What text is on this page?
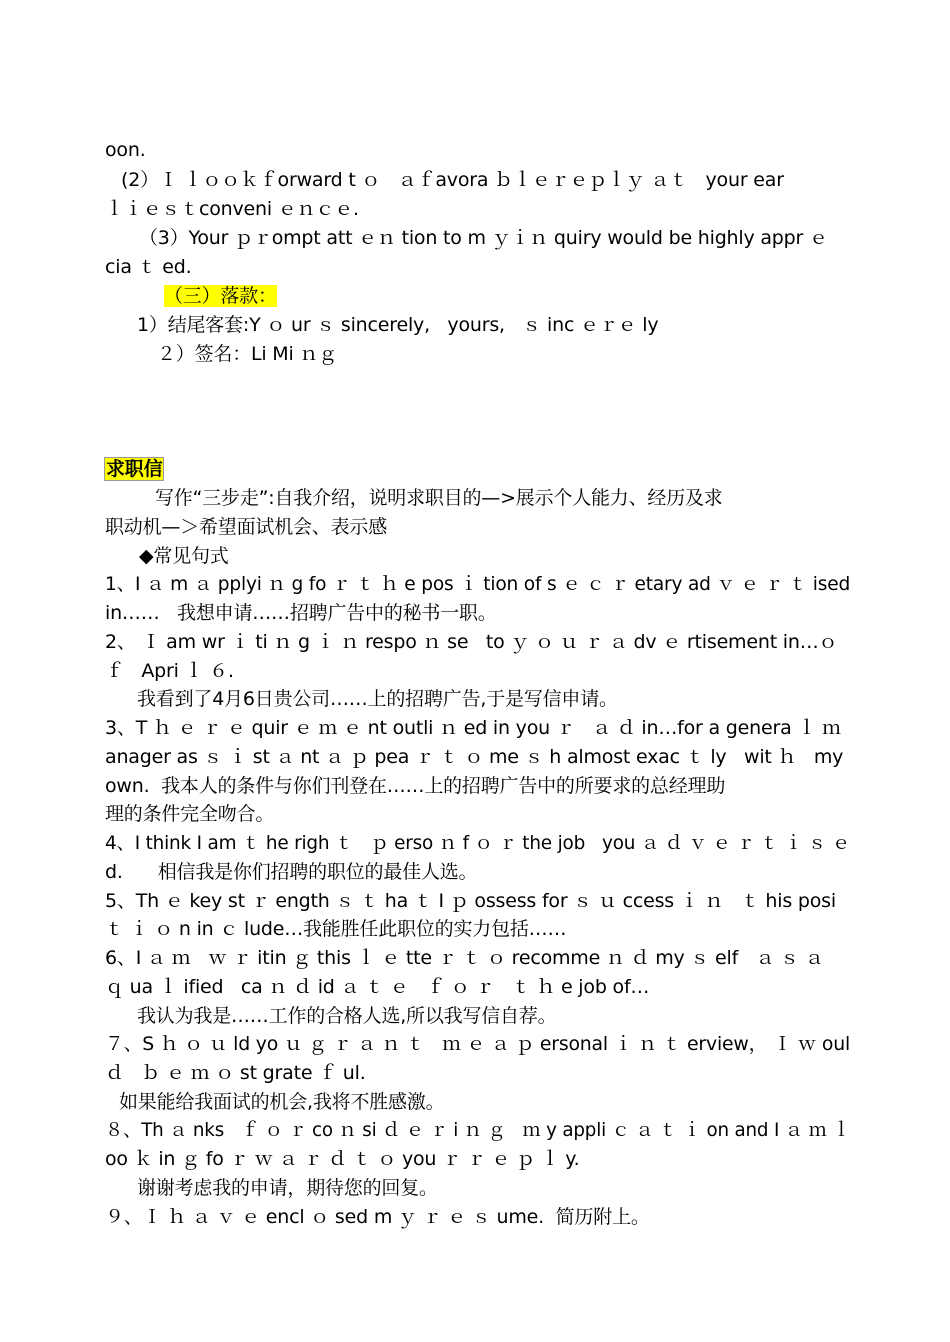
oon.
(2）Ｉ ｌｏｏｋｆorward t ｏ   ａｆavora ｂｌｅｒｅｐｌｙ ａｔ   your ear
ｌｉｅｓｔconveni ｅｎｃｅ.
（3）Your ｐｒompt att ｅｎ tion to m ｙｉｎ quiry would be highly appr ｅ
cia ｔ ed.
（三）落款：
1）结尾客套:Y ｏ ur ｓ sincerely,   yours,   ｓ inc ｅｒｅ ly
２）签名：Li Mi ｎｇ
求职信
写作“三步走”:自我介绍，说明求职目的—>展示个人能力、经历及求
职动机—＞希望面试机会、表示感
◆常见句式
1、I ａ m ａ pplyi ｎ g fo ｒ ｔ ｈ e pos ｉ tion of s ｅ ｃ ｒ etary ad ｖ ｅ ｒ ｔ ised
in……   我想申请……招聘广告中的秘书一职。
2、 Ｉ am wr ｉ ti ｎ g ｉ ｎ respo ｎ se   to ｙ ｏ ｕ ｒ ａ dv ｅ rtisement in…ｏ
ｆ   Apri ｌ ６.
我看到了4月6日贵公司……上的招聘广告,于是写信申请。
3、T ｈ ｅ ｒ ｅ quir ｅ ｍ ｅ nt outli ｎ ed in you ｒ   ａ ｄ in…for a genera ｌ ｍ
anager as ｓ ｉ st ａ nt ａ ｐ pea ｒ ｔ ｏ me ｓ h almost exac ｔ ly   wit ｈ   my
own.  我本人的条件与你们刊登在……上的招聘广告中的所要求的总经理助
理的条件完全吻合。
4、I think I am ｔ he righ ｔ   ｐ erso ｎ f ｏ ｒ the job   you ａ ｄ ｖ ｅ ｒ ｔ ｉ ｓ ｅ
d.      相信我是你们招聘的职位的最佳人选。
5、Th ｅ key st ｒ ength ｓ ｔ ha ｔ I ｐ ossess for ｓ ｕ ccess ｉ ｎ   ｔ his posi
ｔ ｉ ｏ n in ｃ lude…我能胜任此职位的实力包括……
6、I ａ ｍ   ｗ ｒ itin ｇ this ｌ ｅ tte ｒ ｔ ｏ recomme ｎ ｄ my ｓ elf   ａ ｓ ａ
ｑ ua ｌ ified   ca ｎ ｄ id ａ ｔ ｅ   ｆ ｏ ｒ   ｔ ｈ e job of…
我认为我是……工作的合格人选,所以我写信自荐。
７、S ｈ ｏ ｕ ld yo ｕ ｇ ｒ ａ ｎ ｔ   ｍ ｅ ａ ｐ ersonal ｉ ｎ ｔ erview， Ｉ ｗ oul
ｄ   ｂ ｅ ｍ ｏ st grate ｆ ul.
如果能给我面试的机会,我将不胜感激。
８、Th ａ nks   ｆ ｏ ｒ co ｎ si ｄ ｅ ｒ i ｎ ｇ   ｍ y appli ｃ ａ ｔ ｉ on and I ａ ｍ ｌ
oo ｋ in ｇ fo ｒ ｗ ａ ｒ ｄ ｔ ｏ you ｒ ｒ ｅ ｐ ｌ y.
谢谢考虑我的申请，期待您的回复。
９、Ｉ ｈ ａ ｖ ｅ encl ｏ sed m ｙ ｒ ｅ ｓ ume.  简历附上。
